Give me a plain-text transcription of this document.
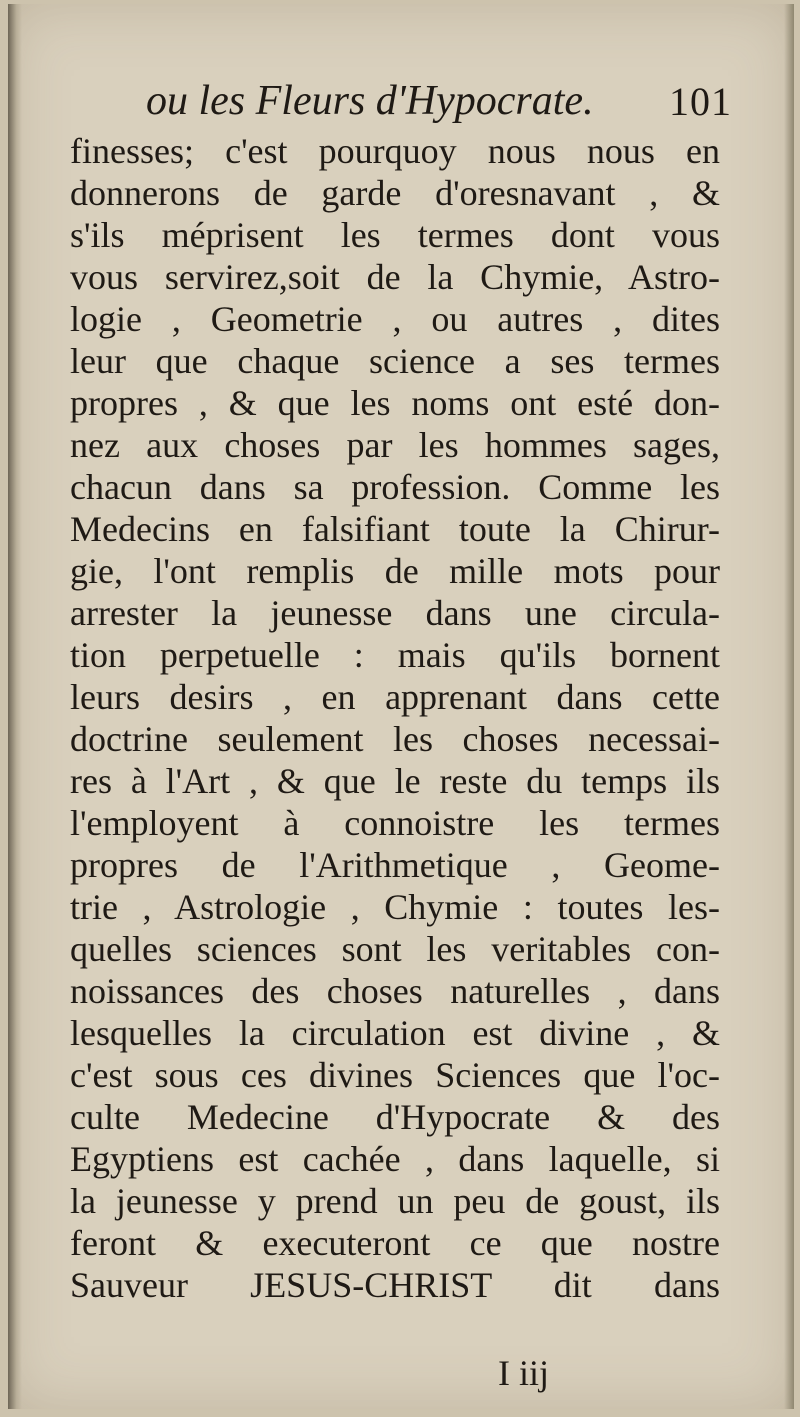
ou les Fleurs d'Hypocrate. 101
finesses; c'est pourquoy nous nous en
donnerons de garde d'oresnavant , &
s'ils méprisent les termes dont vous
vous servirez,soit de la Chymie, Astro-
logie , Geometrie , ou autres , dites
leur que chaque science a ses termes
propres , & que les noms ont esté don-
nez aux choses par les hommes sages,
chacun dans sa profession. Comme les
Medecins en falsifiant toute la Chirur-
gie, l'ont remplis de mille mots pour
arrester la jeunesse dans une circula-
tion perpetuelle : mais qu'ils bornent
leurs desirs , en apprenant dans cette
doctrine seulement les choses necessai-
res à l'Art , & que le reste du temps ils
l'employent à connoistre les termes
propres de l'Arithmetique , Geome-
trie , Astrologie , Chymie : toutes les-
quelles sciences sont les veritables con-
noissances des choses naturelles , dans
lesquelles la circulation est divine , &
c'est sous ces divines Sciences que l'oc-
culte Medecine d'Hypocrate & des
Egyptiens est cachée , dans laquelle, si
la jeunesse y prend un peu de goust, ils
feront & executeront ce que nostre
Sauveur JESUS-CHRIST dit dans
I iij
